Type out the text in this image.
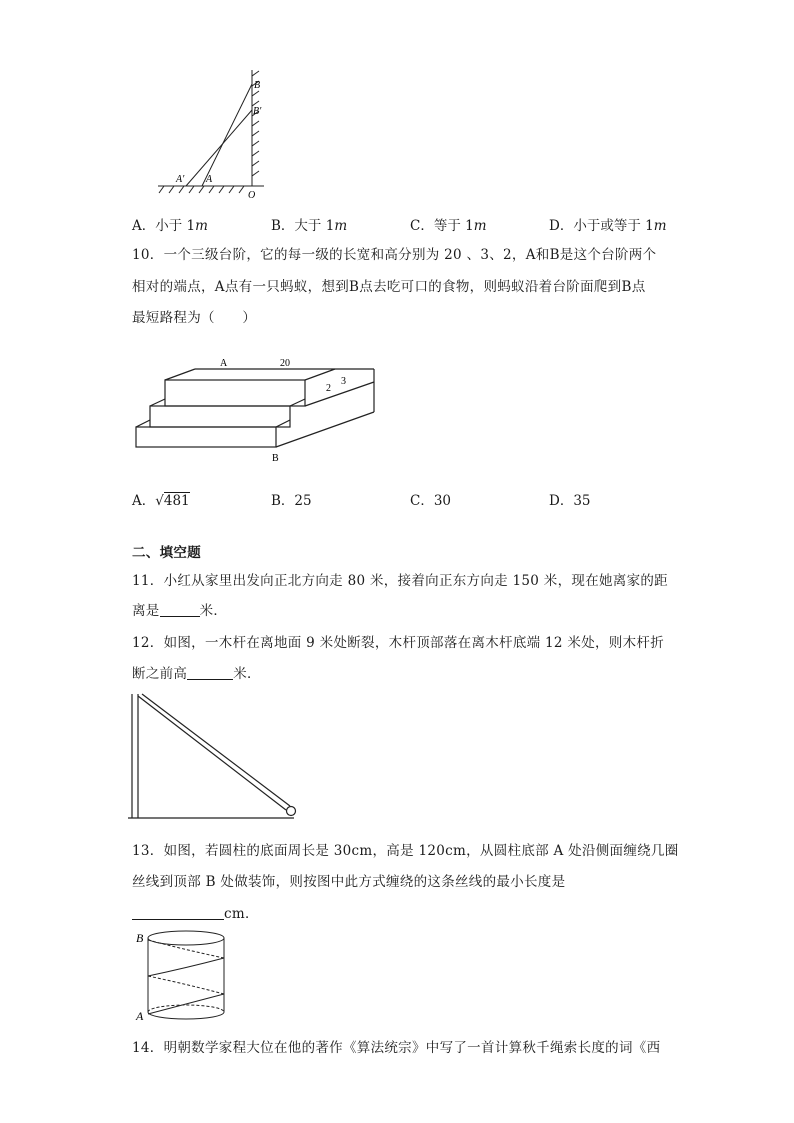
B
B′
A′ A
O
A．小于 1m	B．大于 1m	C．等于 1m	D．小于或等于 1m
10．一个三级台阶，它的每一级的长宽和高分别为 20 、3、2，A和B是这个台阶两个
相对的端点，A点有一只蚂蚁，想到B点去吃可口的食物，则蚂蚁沿着台阶面爬到B点
最短路程为（　　）
A	20
2
3
B
A．√481	B．25	C．30	D．35
二、填空题
11．小红从家里出发向正北方向走 80 米，接着向正东方向走 150 米，现在她离家的距
离是	米．
12．如图，一木杆在离地面 9 米处断裂，木杆顶部落在离木杆底端 12 米处，则木杆折
断之前高	米．
13．如图，若圆柱的底面周长是 30cm，高是 120cm，从圆柱底部 A 处沿侧面缠绕几圈
丝线到顶部 B 处做装饰，则按图中此方式缠绕的这条丝线的最小长度是
cm．
B
A
14．明朝数学家程大位在他的著作《算法统宗》中写了一首计算秋千绳索长度的词《西
